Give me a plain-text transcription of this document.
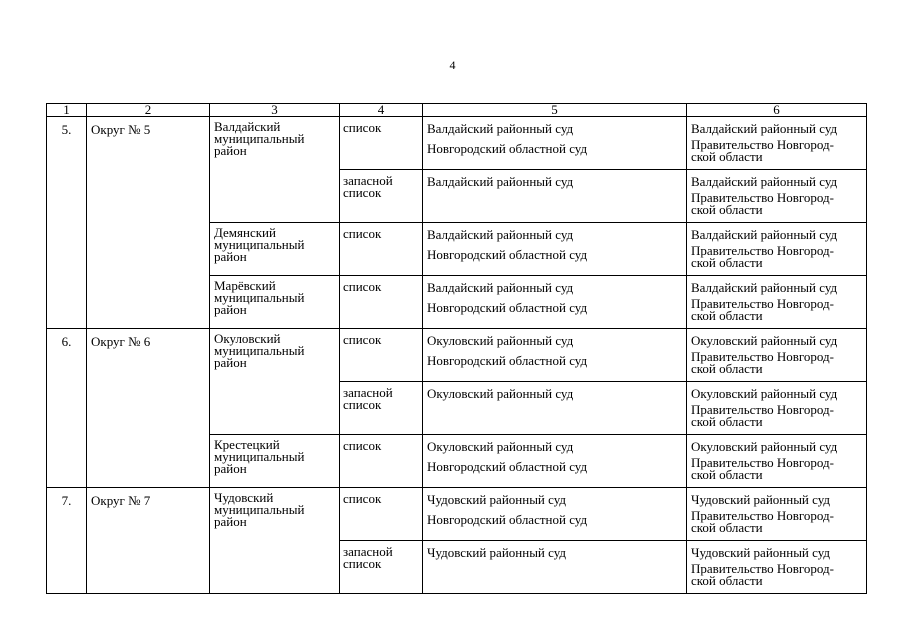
4
1	2	3	4	5	6
5.	Округ № 5	Валдайский муниципальный район	список	Валдайский районный суд
Новгородский областной суд	Валдайский районный суд
Правительство Новгород-
ской области

			запасной список	Валдайский районный суд	Валдайский районный суд
Правительство Новгород-
ской области

		Демянский муниципальный район	список	Валдайский районный суд
Новгородский областной суд	Валдайский районный суд
Правительство Новгород-
ской области

		Марёвский муниципальный район	список	Валдайский районный суд
Новгородский областной суд	Валдайский районный суд
Правительство Новгород-
ской области

6.	Округ № 6	Окуловский муниципальный район	список	Окуловский районный суд
Новгородский областной суд	Окуловский районный суд
Правительство Новгород-
ской области

			запасной список	Окуловский районный суд	Окуловский районный суд
Правительство Новгород-
ской области

		Крестецкий муниципальный район	список	Окуловский районный суд
Новгородский областной суд	Окуловский районный суд
Правительство Новгород-
ской области

7.	Округ № 7	Чудовский муниципальный район	список	Чудовский районный суд
Новгородский областной суд	Чудовский районный суд
Правительство Новгород-
ской области

			запасной список	Чудовский районный суд	Чудовский районный суд
Правительство Новгород-
ской области
